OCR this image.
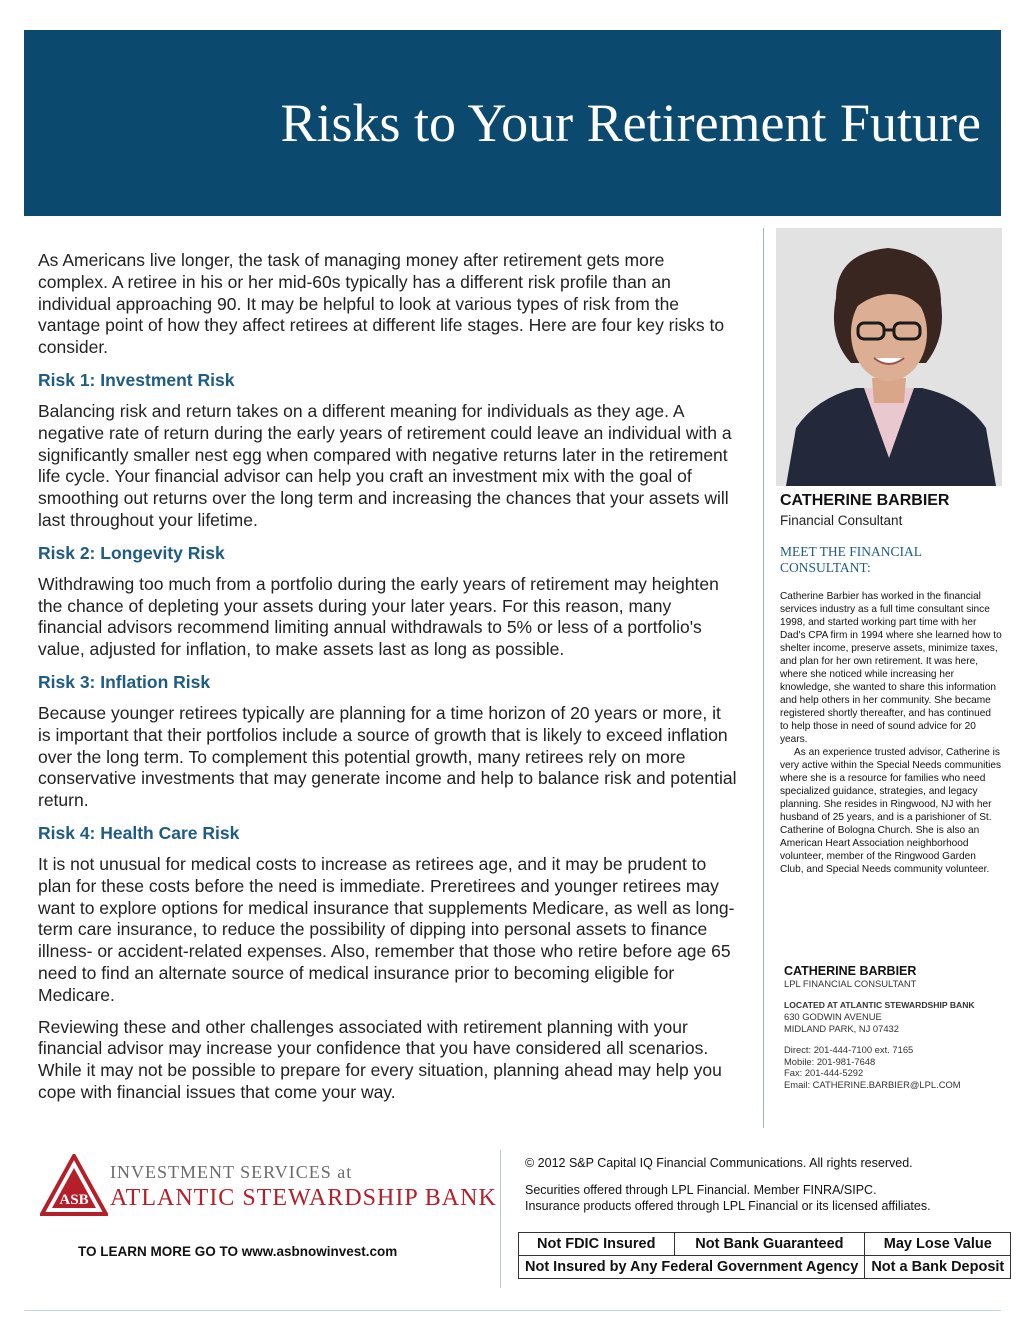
Risks to Your Retirement Future

As Americans live longer, the task of managing money after retirement gets more complex. A retiree in his or her mid-60s typically has a different risk profile than an individual approaching 90. It may be helpful to look at various types of risk from the vantage point of how they affect retirees at different life stages. Here are four key risks to consider.

Risk 1: Investment Risk

Balancing risk and return takes on a different meaning for individuals as they age. A negative rate of return during the early years of retirement could leave an individual with a significantly smaller nest egg when compared with negative returns later in the retirement life cycle. Your financial advisor can help you craft an investment mix with the goal of smoothing out returns over the long term and increasing the chances that your assets will last throughout your lifetime.

Risk 2: Longevity Risk

Withdrawing too much from a portfolio during the early years of retirement may heighten the chance of depleting your assets during your later years. For this reason, many financial advisors recommend limiting annual withdrawals to 5% or less of a portfolio's value, adjusted for inflation, to make assets last as long as possible.

Risk 3: Inflation Risk

Because younger retirees typically are planning for a time horizon of 20 years or more, it is important that their portfolios include a source of growth that is likely to exceed inflation over the long term. To complement this potential growth, many retirees rely on more conservative investments that may generate income and help to balance risk and potential return.

Risk 4: Health Care Risk

It is not unusual for medical costs to increase as retirees age, and it may be prudent to plan for these costs before the need is immediate. Preretirees and younger retirees may want to explore options for medical insurance that supplements Medicare, as well as long-term care insurance, to reduce the possibility of dipping into personal assets to finance illness- or accident-related expenses. Also, remember that those who retire before age 65 need to find an alternate source of medical insurance prior to becoming eligible for Medicare.

Reviewing these and other challenges associated with retirement planning with your financial advisor may increase your confidence that you have considered all scenarios. While it may not be possible to prepare for every situation, planning ahead may help you cope with financial issues that come your way.

CATHERINE BARBIER
Financial Consultant
MEET THE FINANCIAL CONSULTANT:

Catherine Barbier has worked in the financial services industry as a full time consultant since 1998, and started working part time with her Dad's CPA firm in 1994 where she learned how to shelter income, preserve assets, minimize taxes, and plan for her own retirement. It was here, where she noticed while increasing her knowledge, she wanted to share this information and help others in her community. She became registered shortly thereafter, and has continued to help those in need of sound advice for 20 years.

As an experience trusted advisor, Catherine is very active within the Special Needs communities where she is a resource for families who need specialized guidance, strategies, and legacy planning. She resides in Ringwood, NJ with her husband of 25 years, and is a parishioner of St. Catherine of Bologna Church. She is also an American Heart Association neighborhood volunteer, member of the Ringwood Garden Club, and Special Needs community volunteer.

CATHERINE BARBIER
LPL FINANCIAL CONSULTANT
LOCATED AT ATLANTIC STEWARDSHIP BANK
630 GODWIN AVENUE
MIDLAND PARK, NJ 07432
Direct: 201-444-7100 ext. 7165
Mobile: 201-981-7648
Fax: 201-444-5292
Email: CATHERINE.BARBIER@LPL.COM
ASB
INVESTMENT SERVICES at
ATLANTIC STEWARDSHIP BANK
TO LEARN MORE GO TO www.asbnowinvest.com
© 2012 S&P Capital IQ Financial Communications. All rights reserved.
Securities offered through LPL Financial. Member FINRA/SIPC.
Insurance products offered through LPL Financial or its licensed affiliates.
Not FDIC Insured	Not Bank Guaranteed	May Lose Value
Not Insured by Any Federal Government Agency		Not a Bank Deposit
